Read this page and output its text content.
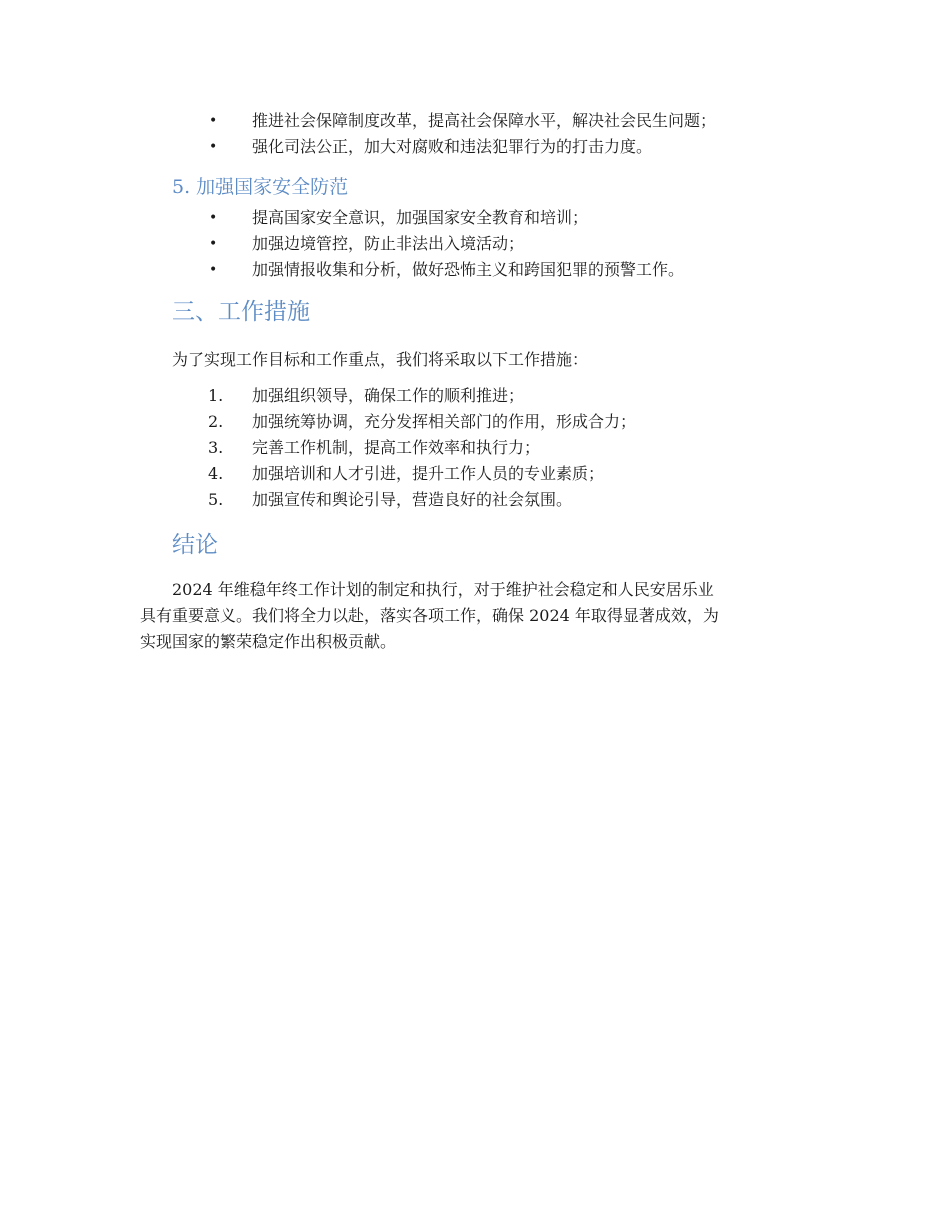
•	推进社会保障制度改革，提高社会保障水平，解决社会民生问题；
•	强化司法公正，加大对腐败和违法犯罪行为的打击力度。
5. 加强国家安全防范
•	提高国家安全意识，加强国家安全教育和培训；
•	加强边境管控，防止非法出入境活动；
•	加强情报收集和分析，做好恐怖主义和跨国犯罪的预警工作。
三、工作措施
为了实现工作目标和工作重点，我们将采取以下工作措施：
1.	加强组织领导，确保工作的顺利推进；
2.	加强统筹协调，充分发挥相关部门的作用，形成合力；
3.	完善工作机制，提高工作效率和执行力；
4.	加强培训和人才引进，提升工作人员的专业素质；
5.	加强宣传和舆论引导，营造良好的社会氛围。
结论
2024 年维稳年终工作计划的制定和执行，对于维护社会稳定和人民安居乐业
具有重要意义。我们将全力以赴，落实各项工作，确保 2024 年取得显著成效，为
实现国家的繁荣稳定作出积极贡献。
